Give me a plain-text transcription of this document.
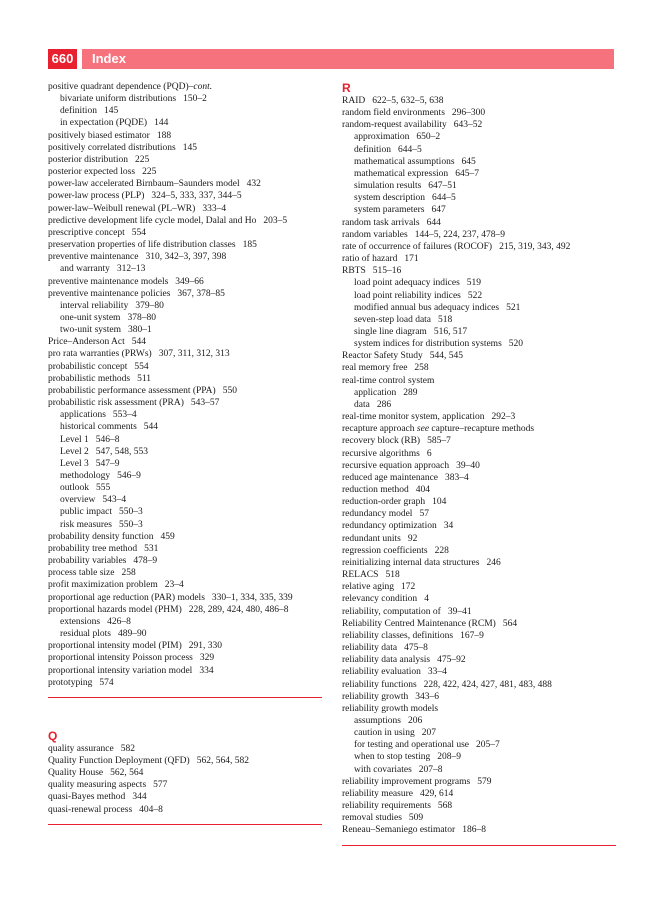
660	Index
positive quadrant dependence (PQD)–cont.
bivariate uniform distributions 150–2
definition 145
in expectation (PQDE) 144
positively biased estimator 188
positively correlated distributions 145
posterior distribution 225
posterior expected loss 225
power-law accelerated Birnbaum–Saunders model 432
power-law process (PLP) 324–5, 333, 337, 344–5
power-law–Weibull renewal (PL–WR) 333–4
predictive development life cycle model, Dalal and Ho 203–5
prescriptive concept 554
preservation properties of life distribution classes 185
preventive maintenance 310, 342–3, 397, 398
and warranty 312–13
preventive maintenance models 349–66
preventive maintenance policies 367, 378–85
interval reliability 379–80
one-unit system 378–80
two-unit system 380–1
Price–Anderson Act 544
pro rata warranties (PRWs) 307, 311, 312, 313
probabilistic concept 554
probabilistic methods 511
probabilistic performance assessment (PPA) 550
probabilistic risk assessment (PRA) 543–57
applications 553–4
historical comments 544
Level 1 546–8
Level 2 547, 548, 553
Level 3 547–9
methodology 546–9
outlook 555
overview 543–4
public impact 550–3
risk measures 550–3
probability density function 459
probability tree method 531
probability variables 478–9
process table size 258
profit maximization problem 23–4
proportional age reduction (PAR) models 330–1, 334, 335, 339
proportional hazards model (PHM) 228, 289, 424, 480, 486–8
extensions 426–8
residual plots 489–90
proportional intensity model (PIM) 291, 330
proportional intensity Poisson process 329
proportional intensity variation model 334
prototyping 574
Q
quality assurance 582
Quality Function Deployment (QFD) 562, 564, 582
Quality House 562, 564
quality measuring aspects 577
quasi-Bayes method 344
quasi-renewal process 404–8
R
RAID 622–5, 632–5, 638
random field environments 296–300
random-request availability 643–52
approximation 650–2
definition 644–5
mathematical assumptions 645
mathematical expression 645–7
simulation results 647–51
system description 644–5
system parameters 647
random task arrivals 644
random variables 144–5, 224, 237, 478–9
rate of occurrence of failures (ROCOF) 215, 319, 343, 492
ratio of hazard 171
RBTS 515–16
load point adequacy indices 519
load point reliability indices 522
modified annual bus adequacy indices 521
seven-step load data 518
single line diagram 516, 517
system indices for distribution systems 520
Reactor Safety Study 544, 545
real memory free 258
real-time control system
application 289
data 286
real-time monitor system, application 292–3
recapture approach see capture–recapture methods
recovery block (RB) 585–7
recursive algorithms 6
recursive equation approach 39–40
reduced age maintenance 383–4
reduction method 404
reduction-order graph 104
redundancy model 57
redundancy optimization 34
redundant units 92
regression coefficients 228
reinitializing internal data structures 246
RELACS 518
relative aging 172
relevancy condition 4
reliability, computation of 39–41
Reliability Centred Maintenance (RCM) 564
reliability classes, definitions 167–9
reliability data 475–8
reliability data analysis 475–92
reliability evaluation 33–4
reliability functions 228, 422, 424, 427, 481, 483, 488
reliability growth 343–6
reliability growth models
assumptions 206
caution in using 207
for testing and operational use 205–7
when to stop testing 208–9
with covariates 207–8
reliability improvement programs 579
reliability measure 429, 614
reliability requirements 568
removal studies 509
Reneau–Semaniego estimator 186–8
